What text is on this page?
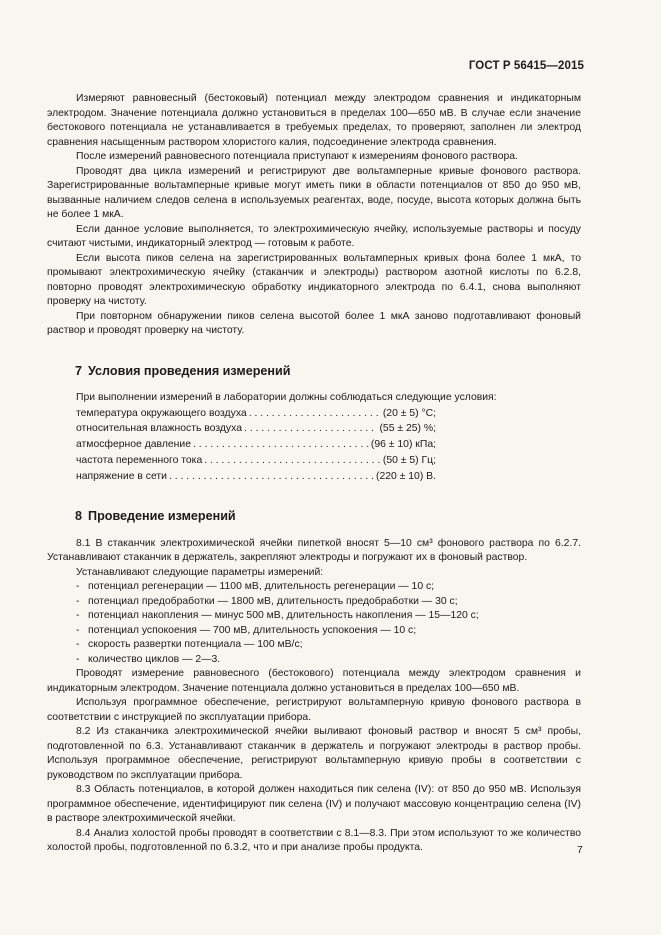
ГОСТ Р 56415—2015

Измеряют равновесный (бестоковый) потенциал между электродом сравнения и индикаторным электродом. Значение потенциала должно установиться в пределах 100—650 мВ. В случае если значение бестокового потенциала не устанавливается в требуемых пределах, то проверяют, заполнен ли электрод сравнения насыщенным раствором хлористого калия, подсоединение электрода сравнения.

После измерений равновесного потенциала приступают к измерениям фонового раствора.

Проводят два цикла измерений и регистрируют две вольтамперные кривые фонового раствора. Зарегистрированные вольтамперные кривые могут иметь пики в области потенциалов от 850 до 950 мВ, вызванные наличием следов селена в используемых реагентах, воде, посуде, высота которых должна быть не более 1 мкА.

Если данное условие выполняется, то электрохимическую ячейку, используемые растворы и посуду считают чистыми, индикаторный электрод — готовым к работе.

Если высота пиков селена на зарегистрированных вольтамперных кривых фона более 1 мкА, то промывают электрохимическую ячейку (стаканчик и электроды) раствором азотной кислоты по 6.2.8, повторно проводят электрохимическую обработку индикаторного электрода по 6.4.1, снова выполняют проверку на чистоту.

При повторном обнаружении пиков селена высотой более 1 мкА заново подготавливают фоновый раствор и проводят проверку на чистоту.

7 Условия проведения измерений

При выполнении измерений в лаборатории должны соблюдаться следующие условия:

температура окружающего воздуха . . .	(20 ± 5) °С;
относительная влажность воздуха . . .	(55 ± 25) %;
атмосферное давление . . .	(96 ± 10) кПа;
частота переменного тока . . .	(50 ± 5) Гц;
напряжение в сети . . .	(220 ± 10) В.
8 Проведение измерений

8.1 В стаканчик электрохимической ячейки пипеткой вносят 5—10 см³ фонового раствора по 6.2.7. Устанавливают стаканчик в держатель, закрепляют электроды и погружают их в фоновый раствор.

Устанавливают следующие параметры измерений:

- потенциал регенерации — 1100 мВ, длительность регенерации — 10 с;
- потенциал предобработки — 1800 мВ, длительность предобработки — 30 с;
- потенциал накопления — минус 500 мВ, длительность накопления — 15—120 с;
- потенциал успокоения — 700 мВ, длительность успокоения — 10 с;
- скорость развертки потенциала — 100 мВ/с;
- количество циклов — 2—3.

Проводят измерение равновесного (бестокового) потенциала между электродом сравнения и индикаторным электродом. Значение потенциала должно установиться в пределах 100—650 мВ.

Используя программное обеспечение, регистрируют вольтамперную кривую фонового раствора в соответствии с инструкцией по эксплуатации прибора.

8.2 Из стаканчика электрохимической ячейки выливают фоновый раствор и вносят 5 см³ пробы, подготовленной по 6.3. Устанавливают стаканчик в держатель и погружают электроды в раствор пробы. Используя программное обеспечение, регистрируют вольтамперную кривую пробы в соответствии с руководством по эксплуатации прибора.

8.3 Область потенциалов, в которой должен находиться пик селена (IV): от 850 до 950 мВ. Используя программное обеспечение, идентифицируют пик селена (IV) и получают массовую концентрацию селена (IV) в растворе электрохимической ячейки.

8.4 Анализ холостой пробы проводят в соответствии с 8.1—8.3. При этом используют то же количество холостой пробы, подготовленной по 6.3.2, что и при анализе пробы продукта.	7
